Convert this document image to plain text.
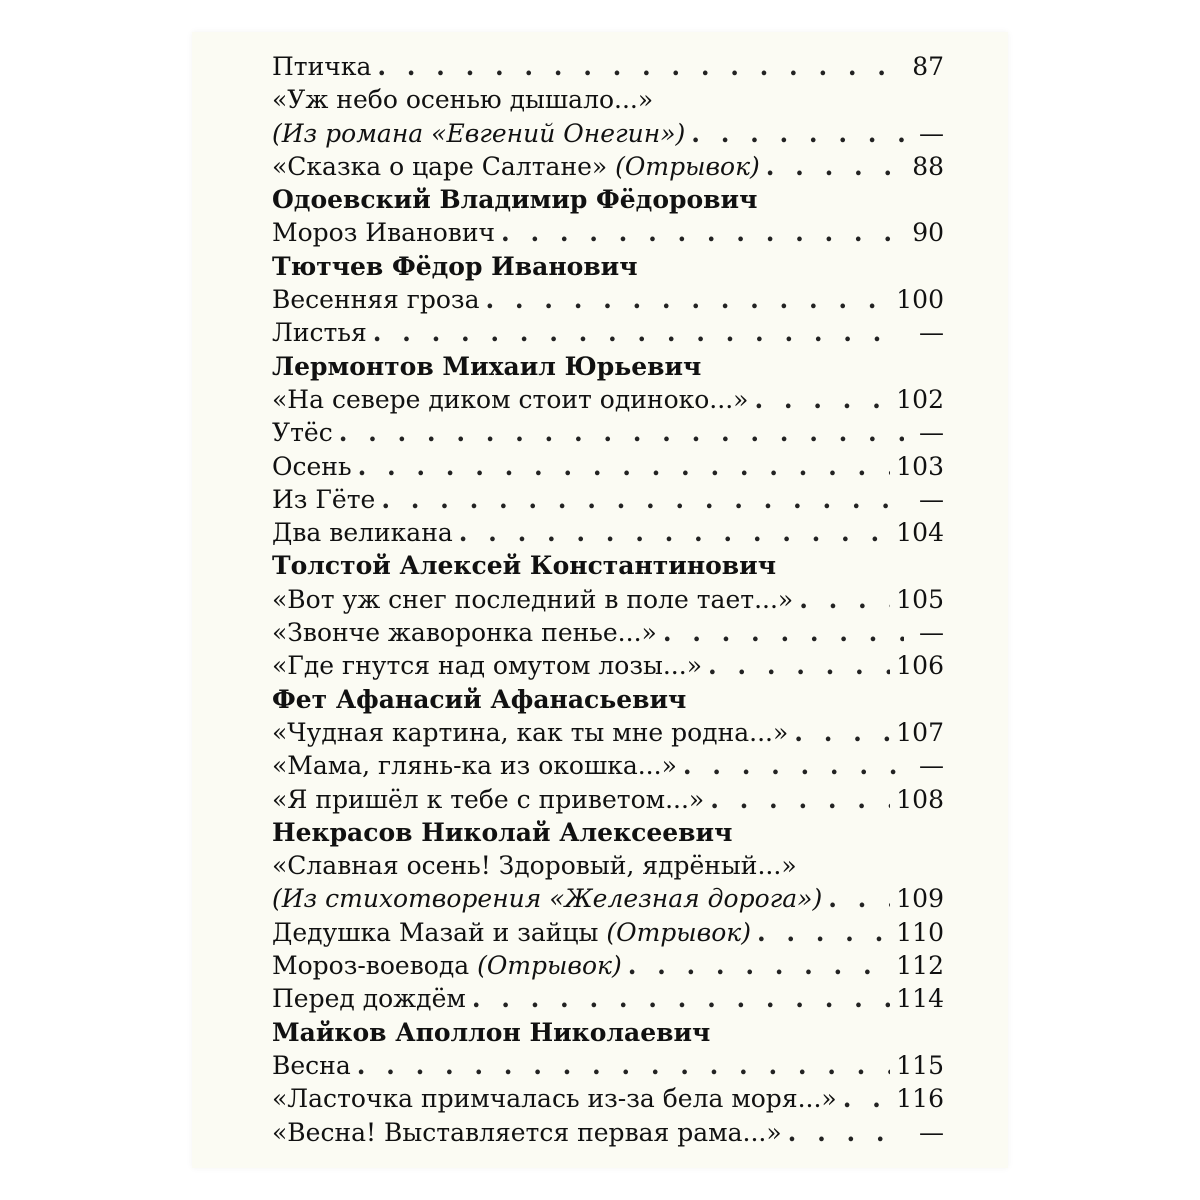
Птичка . . .	87
«Уж небо осенью дышало...»
(Из романа «Евгений Онегин») . . .	—
«Сказка о царе Салтане»
(Отрывок) . . .	88
Одоевский Владимир Фёдорович
Мороз Иванович . . .	90
Тютчев Фёдор Иванович
Весенняя гроза . . .	100
Листья . . .	—
Лермонтов Михаил Юрьевич
«На севере диком стоит одиноко...» . . .	102
Утёс . . .	—
Осень . . .	103
Из Гёте . . .	—
Два великана . . .	104
Толстой Алексей Константинович
«Вот уж снег последний в поле тает...» . . .	105
«Звонче жаворонка пенье...» . . .	—
«Где гнутся над омутом лозы...» . . .	106
Фет Афанасий Афанасьевич
«Чудная картина, как ты мне родна...» . . .	107
«Мама, глянь-ка из окошка...» . . .	—
«Я пришёл к тебе с приветом...» . . .	108
Некрасов Николай Алексеевич
«Славная осень! Здоровый, ядрёный...»
(Из стихотворения «Железная дорога») . . .	109
Дедушка Мазай и зайцы
(Отрывок) . . .	110
Мороз-воевода
(Отрывок) . . .	112
Перед дождём . . .	114
Майков Аполлон Николаевич
Весна . . .	115
«Ласточка примчалась из-за бела моря...» . . . 116
«Весна! Выставляется первая рама...» . . .	—
